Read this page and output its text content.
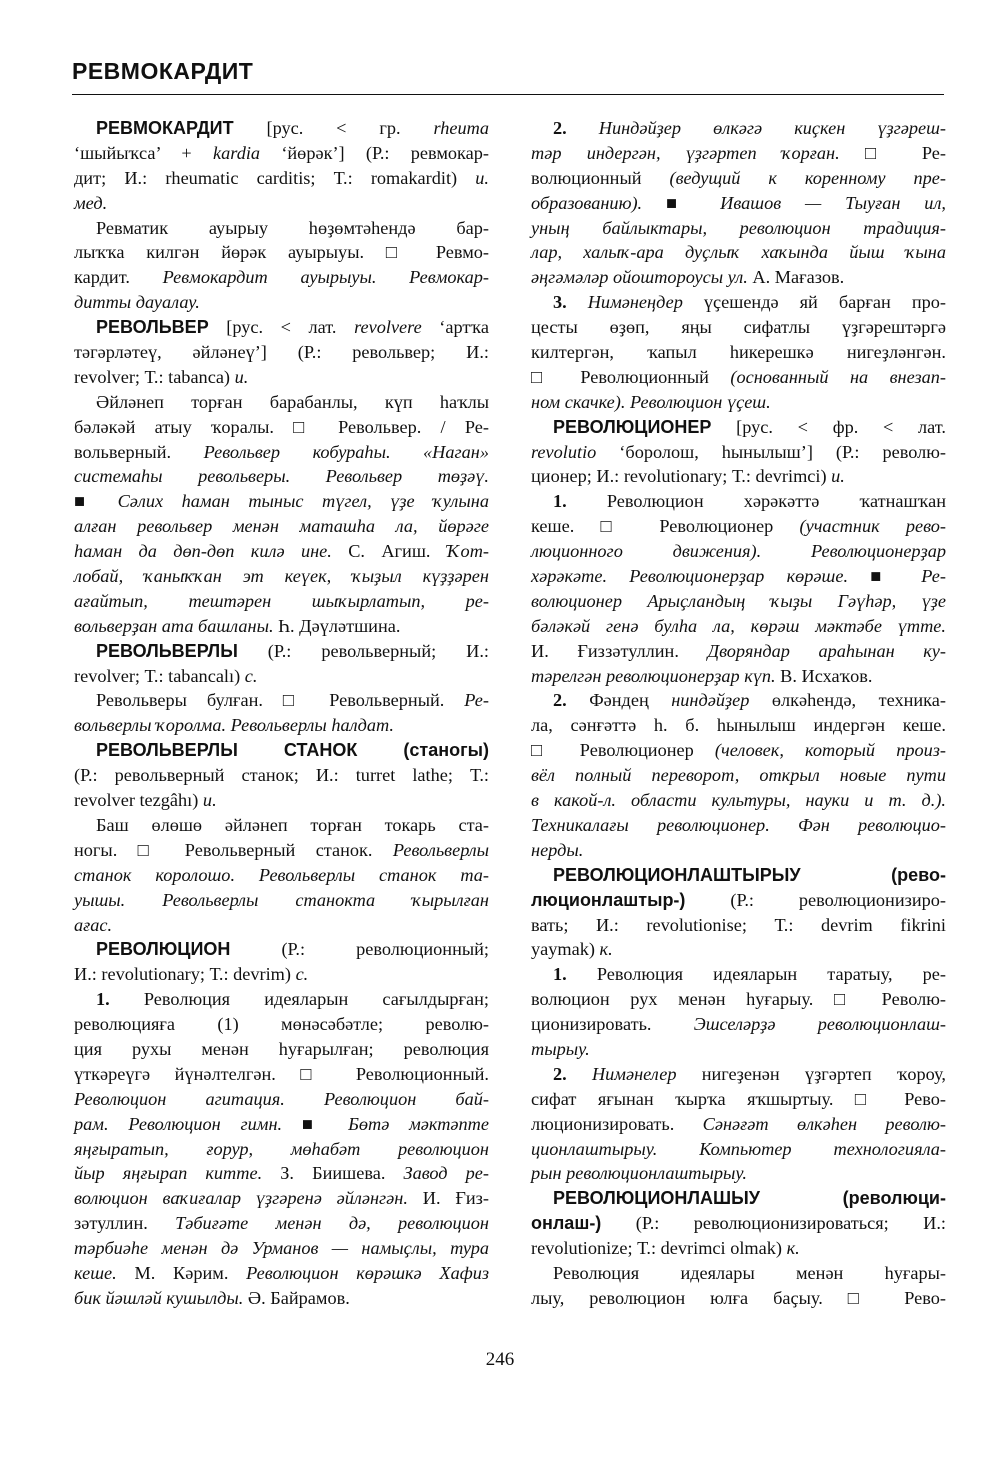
РЕВМОКАРДИТ
РЕВМОКАРДИТ [рус. < гр. rheuma
‘шыйыҡса’ + kardia ‘йөрәк’] (Р.: ревмокар-
дит; И.: rheumatic carditis; Т.: romakardit) и.
мед.
Ревматик ауырыу һөҙөмтәһендә бар-
лыҡҡа килгән йөрәк ауырыуы. □ Ревмо-
кардит. Ревмокардит ауырыуы. Ревмокар-
дитты дауалау.
РЕВОЛЬВЕР [рус. < лат. revolvere ‘артҡа
тәгәрләтеү, әйләнеү’] (Р.: револьвер; И.:
revolver; Т.: tabanca) и.
Әйләнеп торған барабанлы, күп һаҡлы
бәләкәй атыу ҡоралы. □ Револьвер. / Ре-
вольверный. Револьвер кобураһы. «Наган»
системаһы револьверы. Револьвер төҙәү.
■ Сәлих һаман тыныс түгел, үҙе ҡулына
алған револьвер менән маташһа ла, йөрәге
һаман да дөп-дөп килә ине. С. Агиш. Ҡот-
лобай, ҡаныҡҡан эт кеүек, ҡыҙыл күҙҙәрен
ағайтып, тештәрен шыҡырлатып, ре-
вольверҙан ата башланы. Һ. Дәүләтшина.
РЕВОЛЬВЕРЛЫ (Р.: револьверный; И.:
revolver; Т.: tabancalı) с.
Револьверы булған. □ Револьверный. Ре-
вольверлы ҡоролма. Револьверлы һалдат.
РЕВОЛЬВЕРЛЫ СТАНОК (станогы)
(Р.: револьверный станок; И.: turret lathe; Т.:
revolver tezgâhı) и.
Баш өлөшө әйләнеп торған токарь ста-
ногы. □ Револьверный станок. Револьверлы
станок королошо. Револьверлы станок та-
уышы. Револьверлы станокта ҡырылған
ағас.
РЕВОЛЮЦИОН (Р.: революционный;
И.: revolutionary; Т.: devrim) с.
1. Революция идеяларын сағылдырған;
революцияға (1) мөнәсәбәтле; револю-
ция рухы менән һуғарылған; революция
үткәреүгә йүнәлтелгән. □ Революционный.
Революцион агитация. Революцион бай-
рам. Революцион гимн. ■ Бөтә мәктәпте
яңғыратып, ғорур, мөһабәт революцион
йыр яңғырап китте. З. Биишева. Завод ре-
волюцион ваҡиғалар үҙгәренә әйләнгән. И. Ғиз-
зәтуллин. Тәбиғәте менән дә, революцион
тәрбиәһе менән дә Урманов — намыҫлы, тура
кеше. М. Кәрим. Революцион көрәшкә Хафиз
бик йәшләй кушылды. Ә. Байрамов.
2. Ниндәйҙер өлкәгә киҫкен үҙгәреш-
тәр индергән, үҙгәртеп ҡорған. □ Ре-
волюционный (ведущий к коренному пре-
образованию). ■ Ивашов — Тыуған ил,
уның байлыктары, революцион традиция-
лар, халыҡ-ара дуҫлыҡ хаҡында йыш ҡына
әңгәмәләр ойоштороусы ул. А. Мағазов.
3. Нимәнеңдер үҫешендә яй барған про-
цесты өҙөп, яңы сифатлы үҙгәрештәргә
килтергән, ҡапыл һикерешкә нигеҙләнгән.
□ Революционный (основанный на внезап-
ном скачке). Революцион үҫеш.
РЕВОЛЮЦИОНЕР [рус. < фр. < лат.
revolutio ‘боролош, һынылыш’] (Р.: револю-
ционер; И.: revolutionary; Т.: devrimci) и.
1. Революцион хәрәкәттә ҡатнашҡан
кеше. □ Революционер (участник рево-
люционного движения). Революционерҙар
хәрәкәте. Революционерҙар көрәше. ■ Ре-
волюционер Арыҫландың ҡыҙы Гәүһәр, үҙе
бәләкәй генә булһа ла, көрәш мәктәбе үтте.
И. Ғиззәтуллин. Дворяндар араһынан ку-
тәрелгән революционерҙар күп. В. Исхаҡов.
2. Фәндең ниндәйҙер өлкәһендә, техника-
ла, сәнғәттә һ. б. һынылыш индергән кеше.
□ Революционер (человек, который произ-
вёл полный переворот, открыл новые пути
в какой-л. области культуры, науки и т. д.).
Техникалағы революционер. Фән революцио-
нерды.
РЕВОЛЮЦИОНЛАШТЫРЫУ (рево-
люционлаштыр-) (Р.: революционизиро-
вать; И.: revolutionise; Т.: devrim fikrini
yaymak) к.
1. Революция идеяларын таратыу, ре-
волюцион рух менән һуғарыу. □ Револю-
ционизировать. Эшселәрҙә революционлаш-
тырыу.
2. Нимәнелер нигеҙенән үҙгәртеп ҡороу,
сифат яғынан ҡырҡа яҡшыртыу. □ Рево-
люционизировать. Сәнәғәт өлкәһен револю-
ционлаштырыу. Компьютер технологияла-
рын революционлаштырыу.
РЕВОЛЮЦИОНЛАШЫУ (революци-
онлаш-) (Р.: революционизироваться; И.:
revolutionize; Т.: devrimci olmak) к.
Революция идеялары менән һуғары-
лыу, революцион юлға баҫыу. □ Рево-
246
